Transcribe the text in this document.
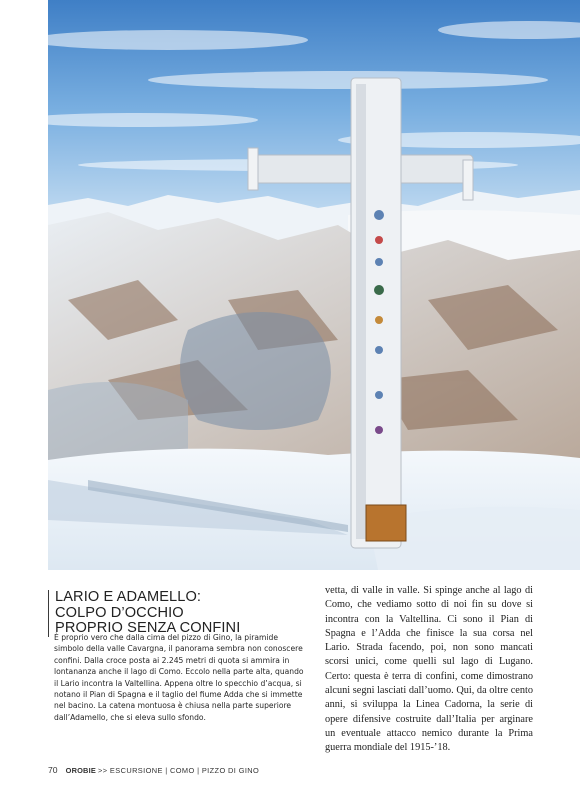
LARIO E ADAMELLO:
COLPO D’OCCHIO
PROPRIO SENZA CONFINI

È proprio vero che dalla cima del pizzo di Gino, la piramide simbolo della valle Cavargna, il panorama sembra non conoscere confini. Dalla croce posta ai 2.245 metri di quota si ammira in lontananza anche il lago di Como. Eccolo nella parte alta, quando il Lario incontra la Valtellina. Appena oltre lo specchio d’acqua, si notano il Pian di Spagna e il taglio del fiume Adda che si immette nel bacino. La catena montuosa è chiusa nella parte superiore dall’Adamello, che si eleva sullo sfondo.

vetta, di valle in valle. Si spinge anche al lago di Como, che vediamo sotto di noi fin su dove si incontra con la Valtellina. Ci sono il Pian di Spagna e l’Adda che finisce la sua corsa nel Lario. Strada facendo, poi, non sono mancati scorsi unici, come quelli sul lago di Lugano. Certo: questa è terra di confini, come dimostrano alcuni segni lasciati dall’uomo. Qui, da oltre cento anni, si sviluppa la Linea Cadorna, la serie di opere difensive costruite dall’Italia per arginare un eventuale attacco nemico durante la Prima guerra mondiale del 1915-’18.

70 OROBIE >> ESCURSIONE | COMO | PIZZO DI GINO
